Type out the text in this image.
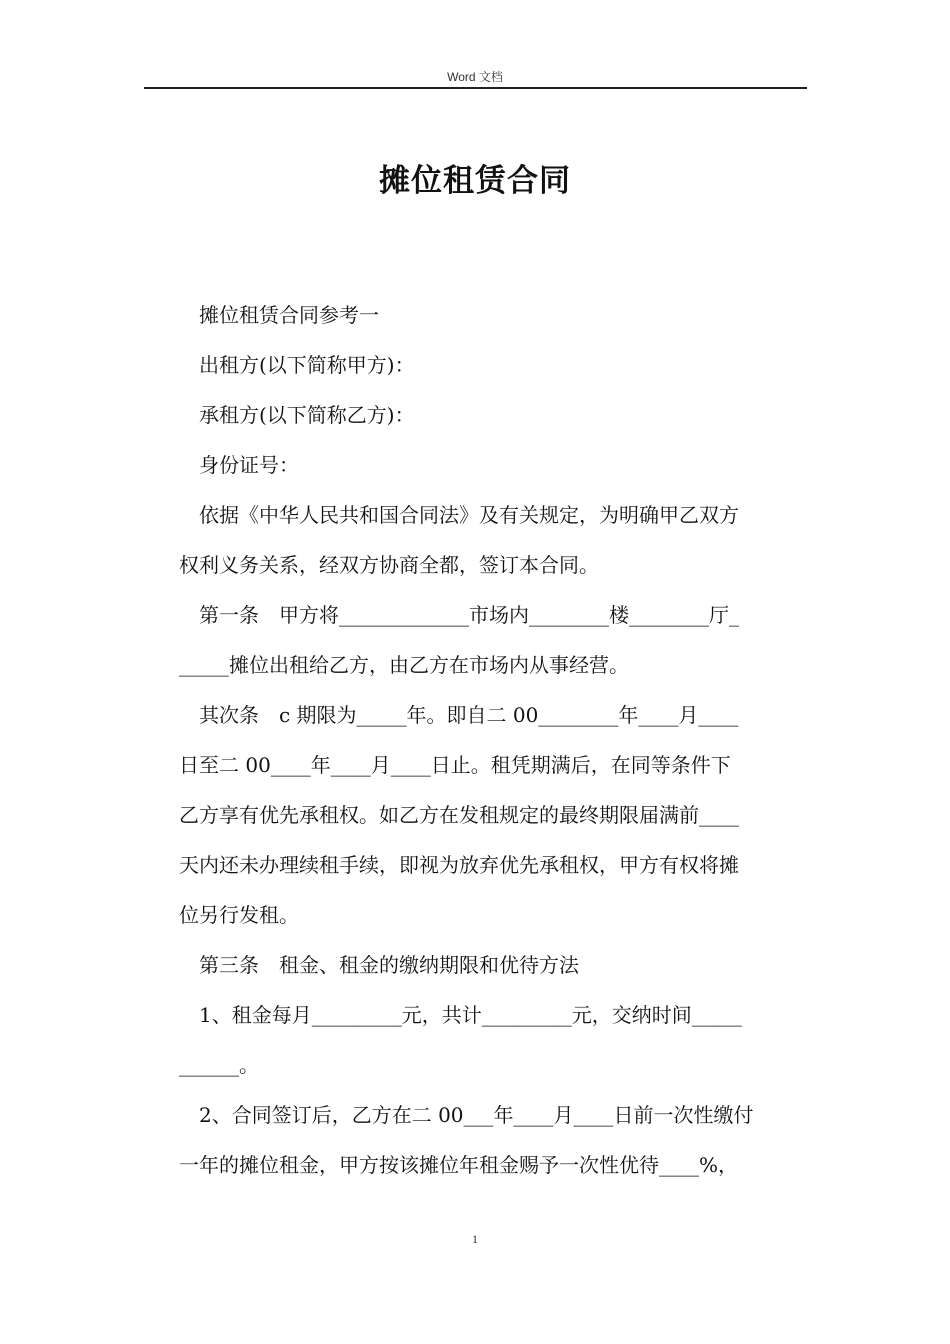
Word 文档
摊位租赁合同

摊位租赁合同参考一

出租方(以下简称甲方)：

承租方(以下简称乙方)：

身份证号：

依据《中华人民共和国合同法》及有关规定，为明确甲乙双方

权利义务关系，经双方协商全都，签订本合同。

第一条　甲方将_____________市场内________楼________厅_

_____摊位出租给乙方，由乙方在市场内从事经营。

其次条　c 期限为_____年。即自二 00________年____月____

日至二 00____年____月____日止。租凭期满后，在同等条件下

乙方享有优先承租权。如乙方在发租规定的最终期限届满前____

天内还未办理续租手续，即视为放弃优先承租权，甲方有权将摊

位另行发租。

第三条　租金、租金的缴纳期限和优待方法

1、租金每月_________元，共计_________元，交纳时间_____

______。

2、合同签订后，乙方在二 00___年____月____日前一次性缴付

一年的摊位租金，甲方按该摊位年租金赐予一次性优待____%，

1
